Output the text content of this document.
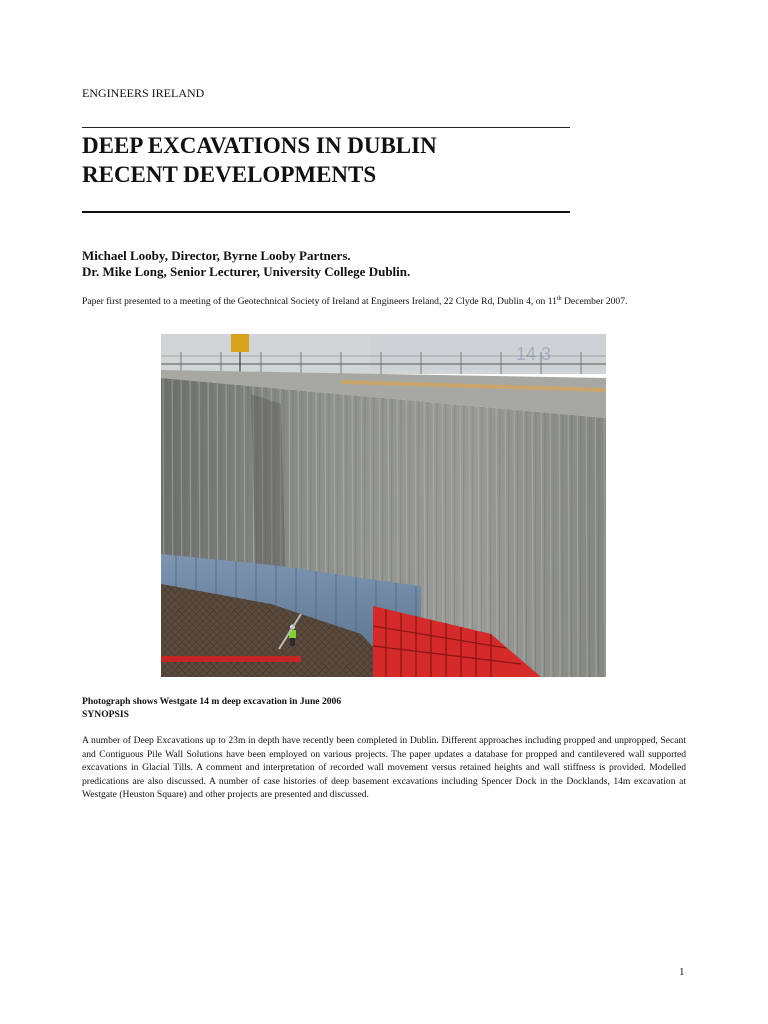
ENGINEERS IRELAND
DEEP EXCAVATIONS IN DUBLIN
RECENT DEVELOPMENTS
Michael Looby, Director, Byrne Looby Partners.
Dr. Mike Long, Senior Lecturer, University College Dublin.
Paper first presented to a meeting of the Geotechnical Society of Ireland at Engineers Ireland, 22 Clyde Rd, Dublin 4, on 11th December 2007.
14 3
Photograph shows Westgate 14 m deep excavation in June 2006
SYNOPSIS

A number of Deep Excavations up to 23m in depth have recently been completed in Dublin. Different approaches including propped and unpropped, Secant and Contiguous Pile Wall Solutions have been employed on various projects. The paper updates a database for propped and cantilevered wall supported excavations in Glacial Tills. A comment and interpretation of recorded wall movement versus retained heights and wall stiffness is provided. Modelled predications are also discussed. A number of case histories of deep basement excavations including Spencer Dock in the Docklands, 14m excavation at Westgate (Heuston Square) and other projects are presented and discussed.

1
